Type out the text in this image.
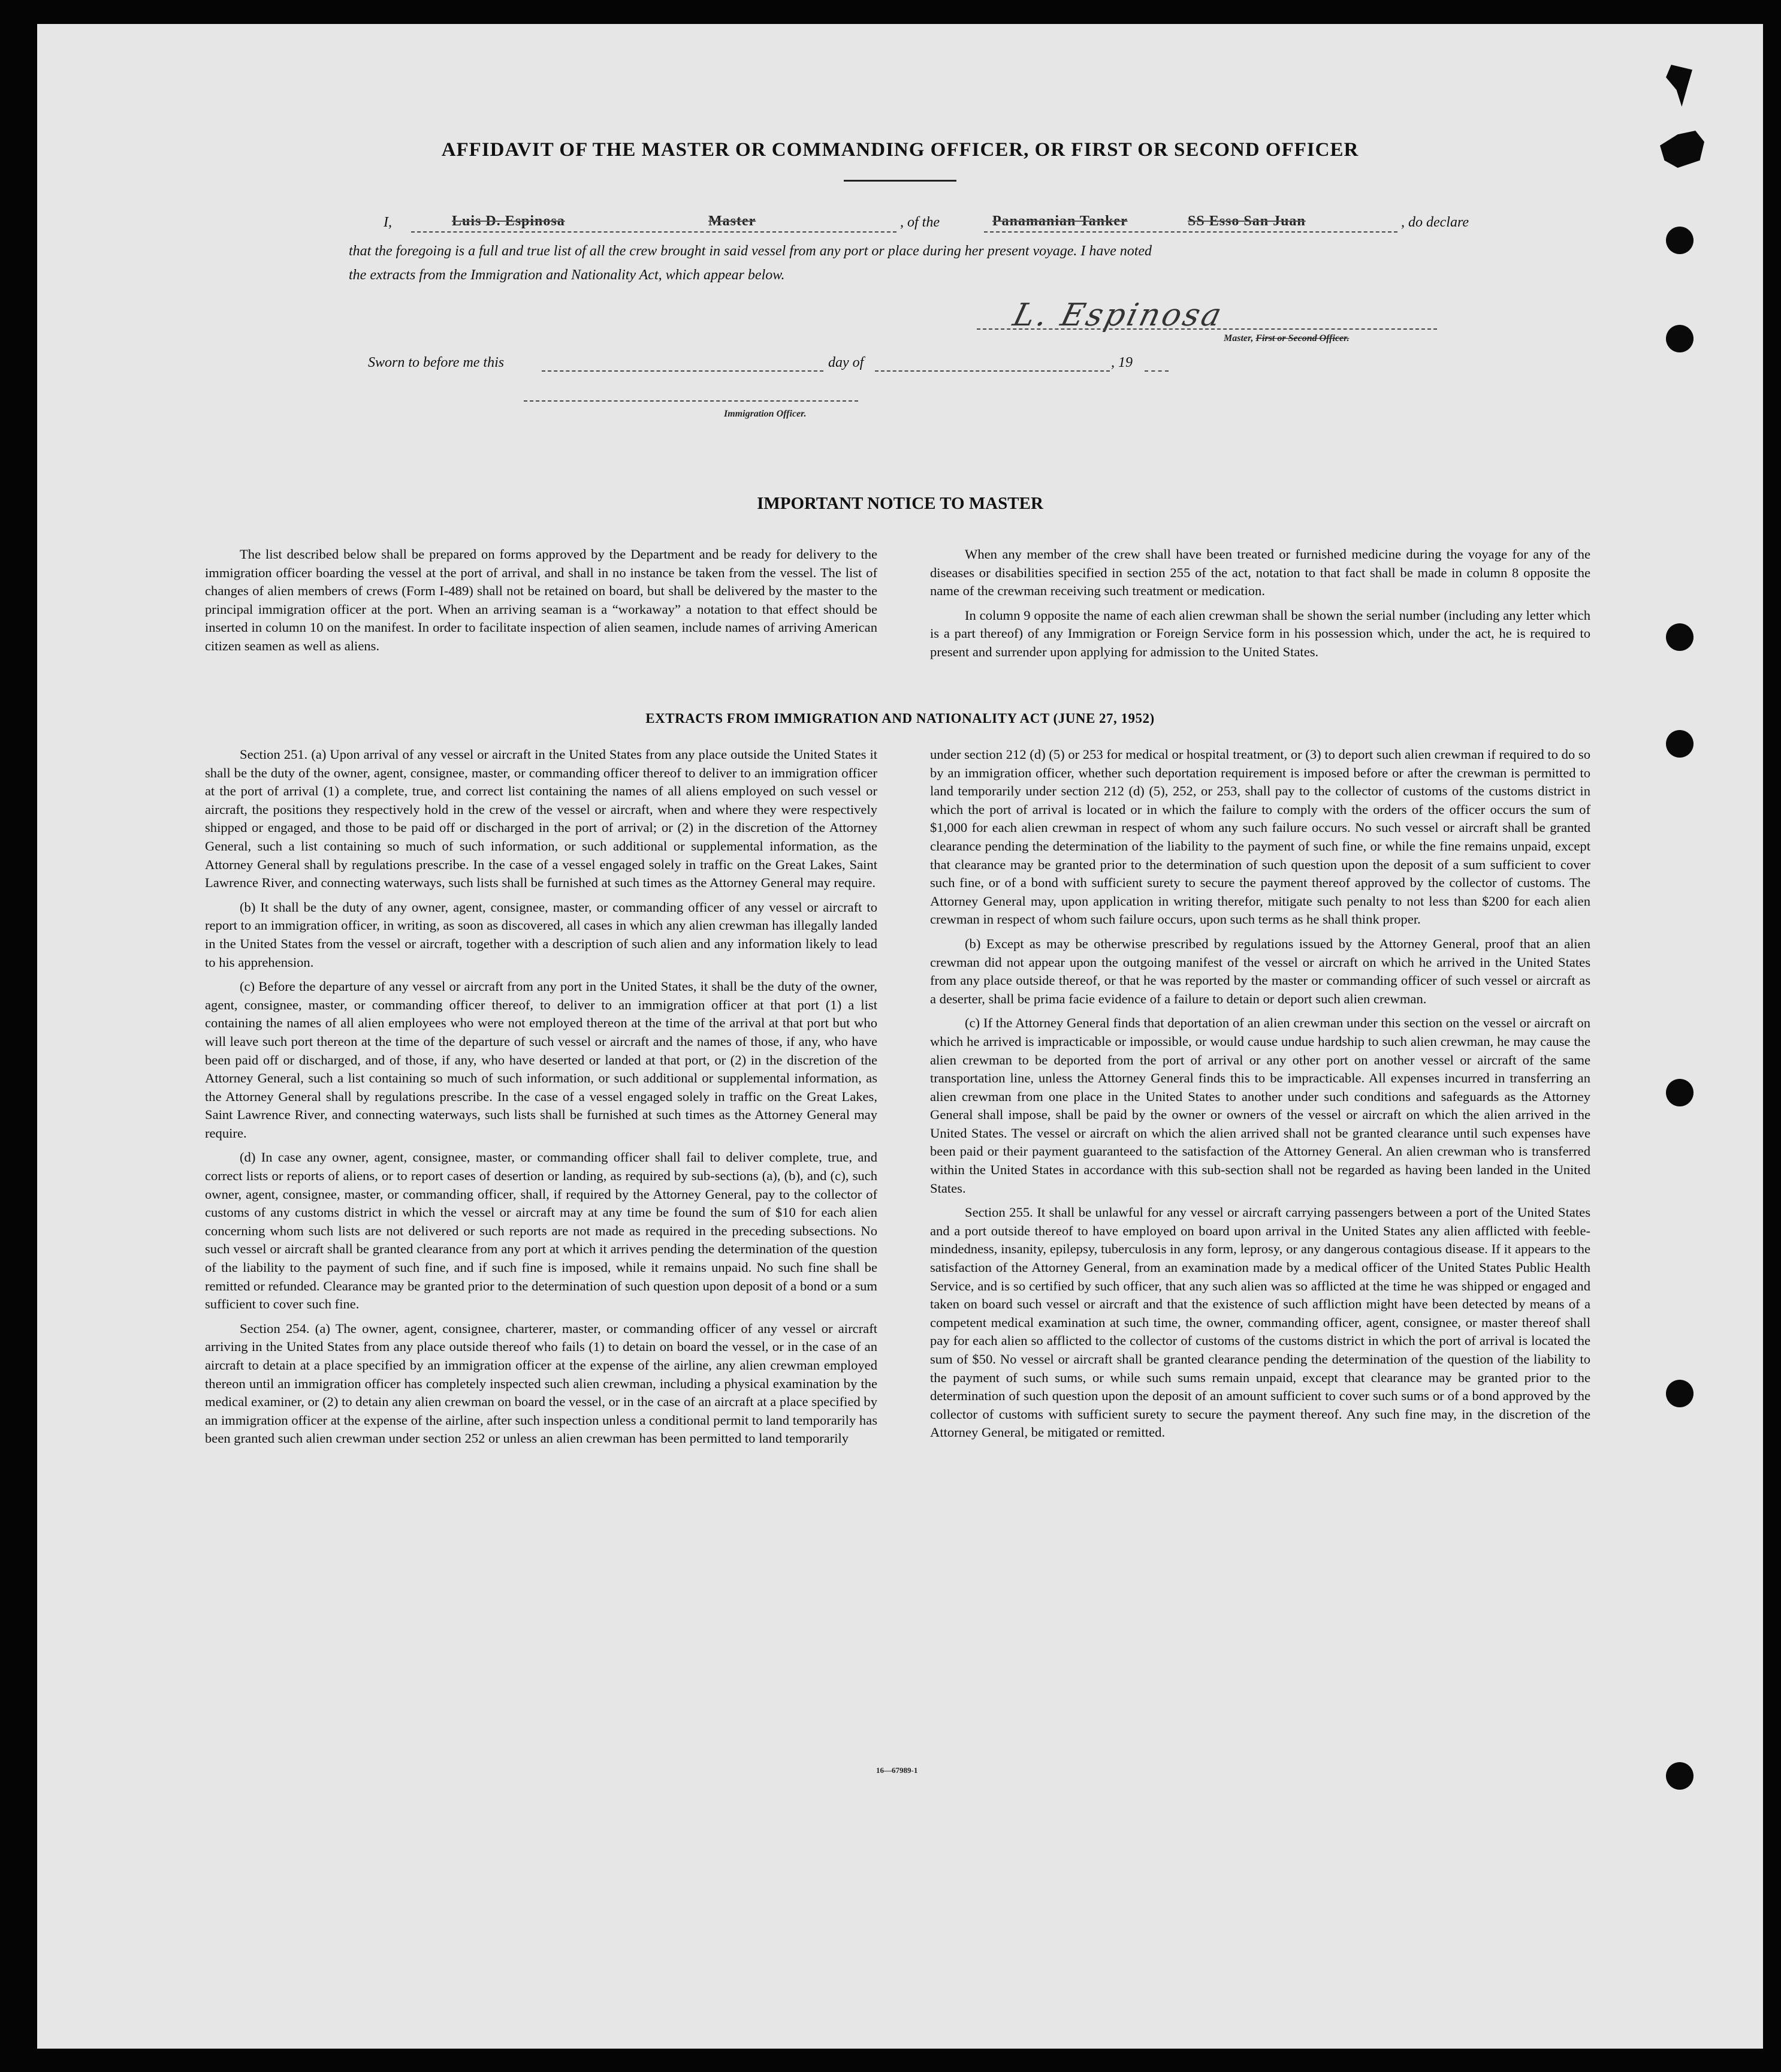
AFFIDAVIT OF THE MASTER OR COMMANDING OFFICER, OR FIRST OR SECOND OFFICER
I,	Luis D. Espinosa	Master	, of the	Panamanian Tanker	SS Esso San Juan	, do declare
that the foregoing is a full and true list of all the crew brought in said vessel from any port or place during her present voyage. I have noted
the extracts from the Immigration and Nationality Act, which appear below.
L. Espinosa
Master, First or Second Officer.
Sworn to before me this	day of	, 19
Immigration Officer.
IMPORTANT NOTICE TO MASTER

The list described below shall be prepared on forms approved by the Department and be ready for delivery to the immigration officer boarding the vessel at the port of arrival, and shall in no instance be taken from the vessel. The list of changes of alien members of crews (Form I-489) shall not be retained on board, but shall be delivered by the master to the principal immigration officer at the port. When an arriving seaman is a “workaway” a notation to that effect should be inserted in column 10 on the manifest. In order to facilitate inspection of alien seamen, include names of arriving American citizen seamen as well as aliens.

When any member of the crew shall have been treated or furnished medicine during the voyage for any of the diseases or disabilities specified in section 255 of the act, notation to that fact shall be made in column 8 opposite the name of the crewman receiving such treatment or medication.

In column 9 opposite the name of each alien crewman shall be shown the serial number (including any letter which is a part thereof) of any Immigration or Foreign Service form in his possession which, under the act, he is required to present and surrender upon applying for admission to the United States.

EXTRACTS FROM IMMIGRATION AND NATIONALITY ACT (JUNE 27, 1952)

Section 251. (a) Upon arrival of any vessel or aircraft in the United States from any place outside the United States it shall be the duty of the owner, agent, consignee, master, or commanding officer thereof to deliver to an immigration officer at the port of arrival (1) a complete, true, and correct list containing the names of all aliens employed on such vessel or aircraft, the positions they respectively hold in the crew of the vessel or aircraft, when and where they were respectively shipped or engaged, and those to be paid off or discharged in the port of arrival; or (2) in the discretion of the Attorney General, such a list containing so much of such information, or such additional or supplemental information, as the Attorney General shall by regulations prescribe. In the case of a vessel engaged solely in traffic on the Great Lakes, Saint Lawrence River, and connecting waterways, such lists shall be furnished at such times as the Attorney General may require.

(b) It shall be the duty of any owner, agent, consignee, master, or commanding officer of any vessel or aircraft to report to an immigration officer, in writing, as soon as discovered, all cases in which any alien crewman has illegally landed in the United States from the vessel or aircraft, together with a description of such alien and any information likely to lead to his apprehension.

(c) Before the departure of any vessel or aircraft from any port in the United States, it shall be the duty of the owner, agent, consignee, master, or commanding officer thereof, to deliver to an immigration officer at that port (1) a list containing the names of all alien employees who were not employed thereon at the time of the arrival at that port but who will leave such port thereon at the time of the departure of such vessel or aircraft and the names of those, if any, who have been paid off or discharged, and of those, if any, who have deserted or landed at that port, or (2) in the discretion of the Attorney General, such a list containing so much of such information, or such additional or supplemental information, as the Attorney General shall by regulations prescribe. In the case of a vessel engaged solely in traffic on the Great Lakes, Saint Lawrence River, and connecting waterways, such lists shall be furnished at such times as the Attorney General may require.

(d) In case any owner, agent, consignee, master, or commanding officer shall fail to deliver complete, true, and correct lists or reports of aliens, or to report cases of desertion or landing, as required by sub-sections (a), (b), and (c), such owner, agent, consignee, master, or commanding officer, shall, if required by the Attorney General, pay to the collector of customs of any customs district in which the vessel or aircraft may at any time be found the sum of $10 for each alien concerning whom such lists are not delivered or such reports are not made as required in the preceding subsections. No such vessel or aircraft shall be granted clearance from any port at which it arrives pending the determination of the question of the liability to the payment of such fine, and if such fine is imposed, while it remains unpaid. No such fine shall be remitted or refunded. Clearance may be granted prior to the determination of such question upon deposit of a bond or a sum sufficient to cover such fine.

Section 254. (a) The owner, agent, consignee, charterer, master, or commanding officer of any vessel or aircraft arriving in the United States from any place outside thereof who fails (1) to detain on board the vessel, or in the case of an aircraft to detain at a place specified by an immigration officer at the expense of the airline, any alien crewman employed thereon until an immigration officer has completely inspected such alien crewman, including a physical examination by the medical examiner, or (2) to detain any alien crewman on board the vessel, or in the case of an aircraft at a place specified by an immigration officer at the expense of the airline, after such inspection unless a conditional permit to land temporarily has been granted such alien crewman under section 252 or unless an alien crewman has been permitted to land temporarily

under section 212 (d) (5) or 253 for medical or hospital treatment, or (3) to deport such alien crewman if required to do so by an immigration officer, whether such deportation requirement is imposed before or after the crewman is permitted to land temporarily under section 212 (d) (5), 252, or 253, shall pay to the collector of customs of the customs district in which the port of arrival is located or in which the failure to comply with the orders of the officer occurs the sum of $1,000 for each alien crewman in respect of whom any such failure occurs. No such vessel or aircraft shall be granted clearance pending the determination of the liability to the payment of such fine, or while the fine remains unpaid, except that clearance may be granted prior to the determination of such question upon the deposit of a sum sufficient to cover such fine, or of a bond with sufficient surety to secure the payment thereof approved by the collector of customs. The Attorney General may, upon application in writing therefor, mitigate such penalty to not less than $200 for each alien crewman in respect of whom such failure occurs, upon such terms as he shall think proper.

(b) Except as may be otherwise prescribed by regulations issued by the Attorney General, proof that an alien crewman did not appear upon the outgoing manifest of the vessel or aircraft on which he arrived in the United States from any place outside thereof, or that he was reported by the master or commanding officer of such vessel or aircraft as a deserter, shall be prima facie evidence of a failure to detain or deport such alien crewman.

(c) If the Attorney General finds that deportation of an alien crewman under this section on the vessel or aircraft on which he arrived is impracticable or impossible, or would cause undue hardship to such alien crewman, he may cause the alien crewman to be deported from the port of arrival or any other port on another vessel or aircraft of the same transportation line, unless the Attorney General finds this to be impracticable. All expenses incurred in transferring an alien crewman from one place in the United States to another under such conditions and safeguards as the Attorney General shall impose, shall be paid by the owner or owners of the vessel or aircraft on which the alien arrived in the United States. The vessel or aircraft on which the alien arrived shall not be granted clearance until such expenses have been paid or their payment guaranteed to the satisfaction of the Attorney General. An alien crewman who is transferred within the United States in accordance with this sub-section shall not be regarded as having been landed in the United States.

Section 255. It shall be unlawful for any vessel or aircraft carrying passengers between a port of the United States and a port outside thereof to have employed on board upon arrival in the United States any alien afflicted with feeble-mindedness, insanity, epilepsy, tuberculosis in any form, leprosy, or any dangerous contagious disease. If it appears to the satisfaction of the Attorney General, from an examination made by a medical officer of the United States Public Health Service, and is so certified by such officer, that any such alien was so afflicted at the time he was shipped or engaged and taken on board such vessel or aircraft and that the existence of such affliction might have been detected by means of a competent medical examination at such time, the owner, commanding officer, agent, consignee, or master thereof shall pay for each alien so afflicted to the collector of customs of the customs district in which the port of arrival is located the sum of $50. No vessel or aircraft shall be granted clearance pending the determination of the question of the liability to the payment of such sums, or while such sums remain unpaid, except that clearance may be granted prior to the determination of such question upon the deposit of an amount sufficient to cover such sums or of a bond approved by the collector of customs with sufficient surety to secure the payment thereof. Any such fine may, in the discretion of the Attorney General, be mitigated or remitted.

16—67989-1
